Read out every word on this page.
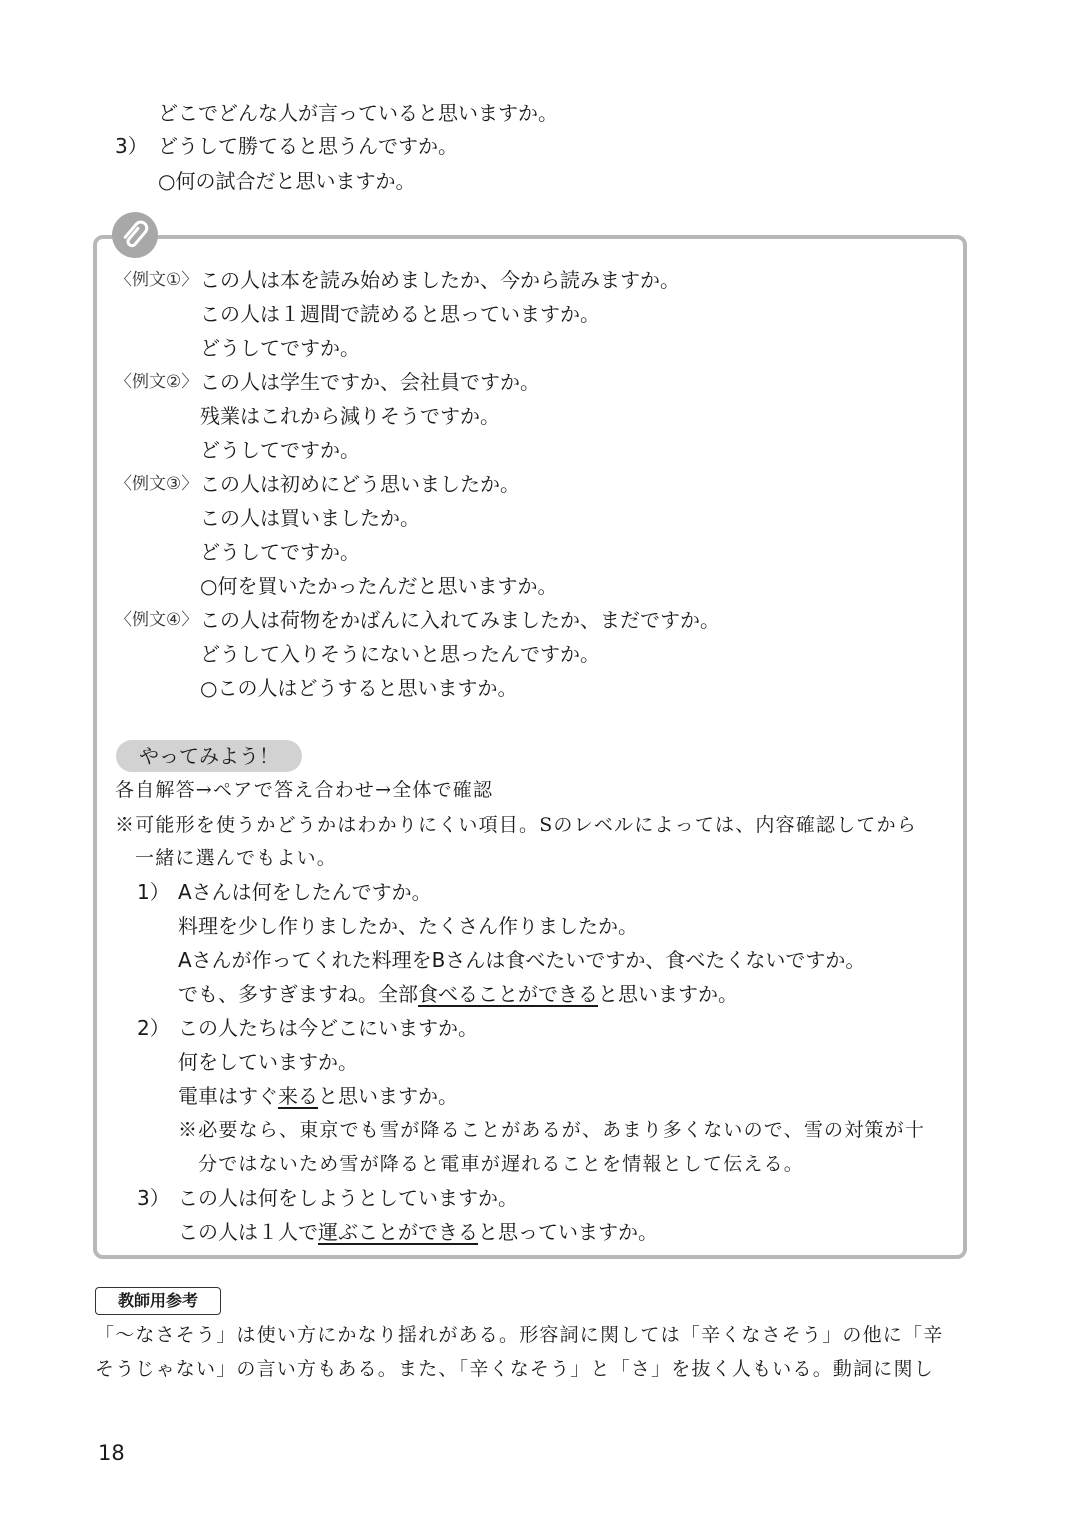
どこでどんな人が言っていると思いますか。
3） どうして勝てると思うんですか。
○何の試合だと思いますか。
〈例文①〉 この人は本を読み始めましたか、今から読みますか。
この人は１週間で読めると思っていますか。
どうしてですか。
〈例文②〉 この人は学生ですか、会社員ですか。
残業はこれから減りそうですか。
どうしてですか。
〈例文③〉 この人は初めにどう思いましたか。
この人は買いましたか。
どうしてですか。
○何を買いたかったんだと思いますか。
〈例文④〉 この人は荷物をかばんに入れてみましたか、まだですか。
どうして入りそうにないと思ったんですか。
○この人はどうすると思いますか。
やってみよう！
各自解答→ペアで答え合わせ→全体で確認
※可能形を使うかどうかはわかりにくい項目。Sのレベルによっては、内容確認してから
一緒に選んでもよい。
1） Aさんは何をしたんですか。
料理を少し作りましたか、たくさん作りましたか。
Aさんが作ってくれた料理をBさんは食べたいですか、食べたくないですか。
でも、多すぎますね。全部食べることができると思いますか。
2） この人たちは今どこにいますか。
何をしていますか。
電車はすぐ来ると思いますか。
※必要なら、東京でも雪が降ることがあるが、あまり多くないので、雪の対策が十
分ではないため雪が降ると電車が遅れることを情報として伝える。
3） この人は何をしようとしていますか。
この人は１人で運ぶことができると思っていますか。
教師用参考
「〜なさそう」は使い方にかなり揺れがある。形容詞に関しては「辛くなさそう」の他に「辛
そうじゃない」の言い方もある。また、「辛くなそう」と「さ」を抜く人もいる。動詞に関し
18
